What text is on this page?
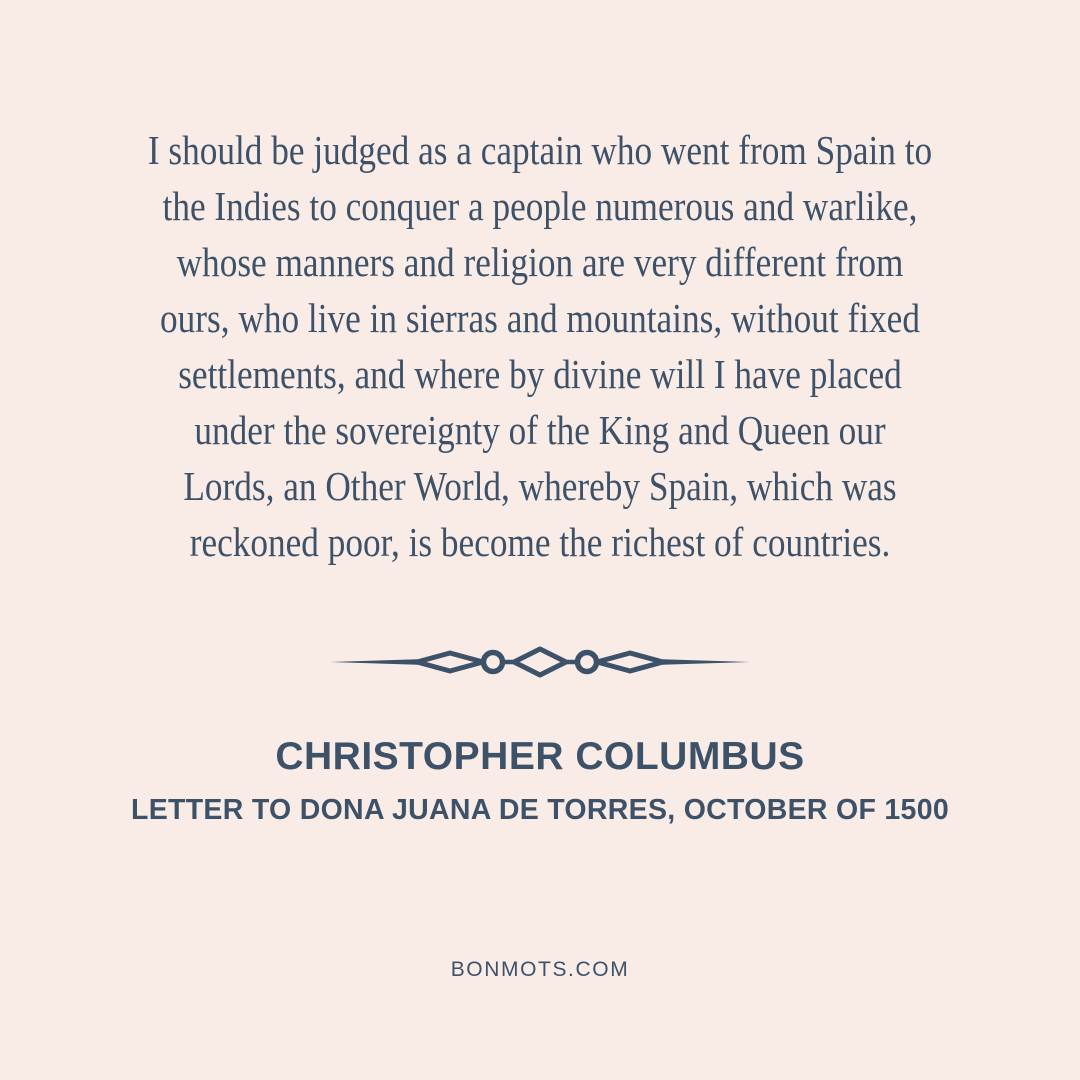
I should be judged as a captain who went from Spain to
the Indies to conquer a people numerous and warlike,
whose manners and religion are very different from
ours, who live in sierras and mountains, without fixed
settlements, and where by divine will I have placed
under the sovereignty of the King and Queen our
Lords, an Other World, whereby Spain, which was
reckoned poor, is become the richest of countries.
CHRISTOPHER COLUMBUS
LETTER TO DONA JUANA DE TORRES, OCTOBER OF 1500
BONMOTS.COM
